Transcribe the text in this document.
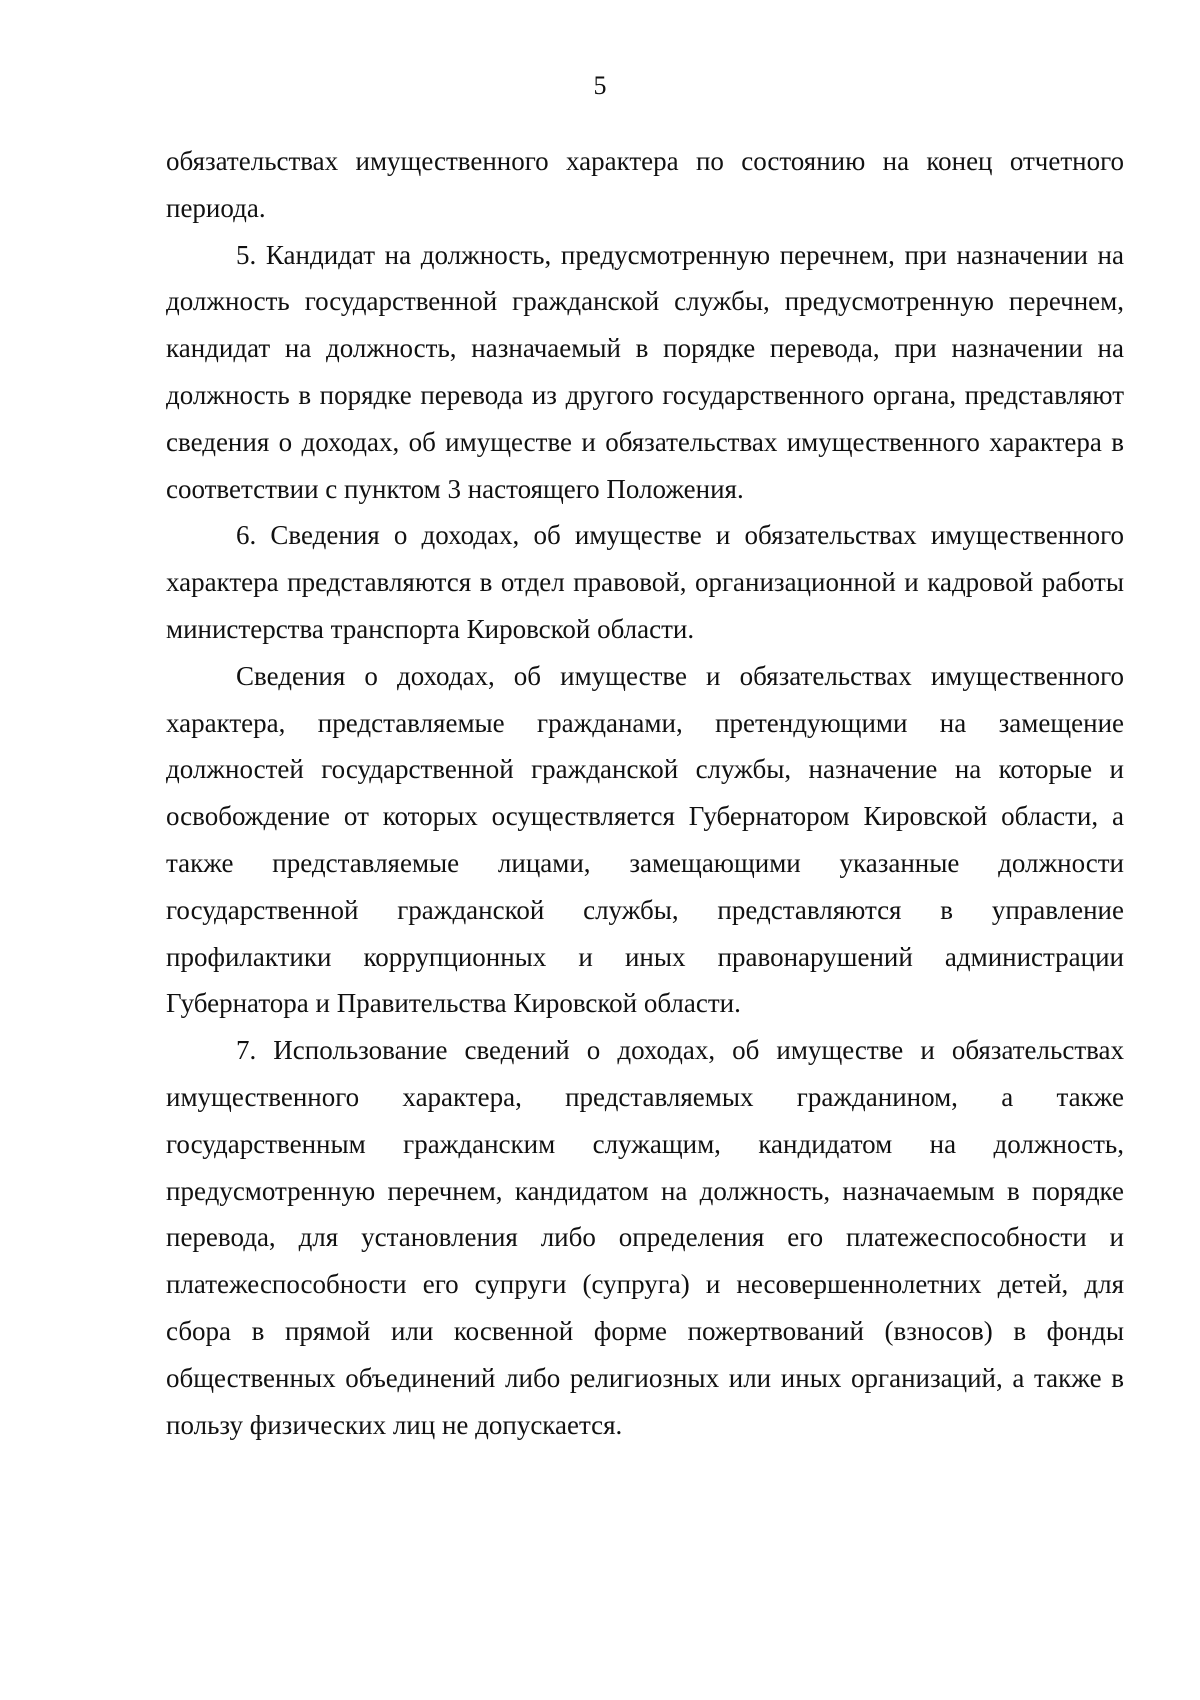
5

обязательствах имущественного характера по состоянию на конец отчетного периода.

5. Кандидат на должность, предусмотренную перечнем, при назначении на должность государственной гражданской службы, предусмотренную перечнем, кандидат на должность, назначаемый в порядке перевода, при назначении на должность в порядке перевода из другого государственного органа, представляют сведения о доходах, об имуществе и обязательствах имущественного характера в соответствии с пунктом 3 настоящего Положения.

6. Сведения о доходах, об имуществе и обязательствах имущественного характера представляются в отдел правовой, организационной и кадровой работы министерства транспорта Кировской области.

Сведения о доходах, об имуществе и обязательствах имущественного характера, представляемые гражданами, претендующими на замещение должностей государственной гражданской службы, назначение на которые и освобождение от которых осуществляется Губернатором Кировской области, а также представляемые лицами, замещающими указанные должности государственной гражданской службы, представляются в управление профилактики коррупционных и иных правонарушений администрации Губернатора и Правительства Кировской области.

7. Использование сведений о доходах, об имуществе и обязательствах имущественного характера, представляемых гражданином, а также государственным гражданским служащим, кандидатом на должность, предусмотренную перечнем, кандидатом на должность, назначаемым в порядке перевода, для установления либо определения его платежеспособности и платежеспособности его супруги (супруга) и несовершеннолетних детей, для сбора в прямой или косвенной форме пожертвований (взносов) в фонды общественных объединений либо религиозных или иных организаций, а также в пользу физических лиц не допускается.
